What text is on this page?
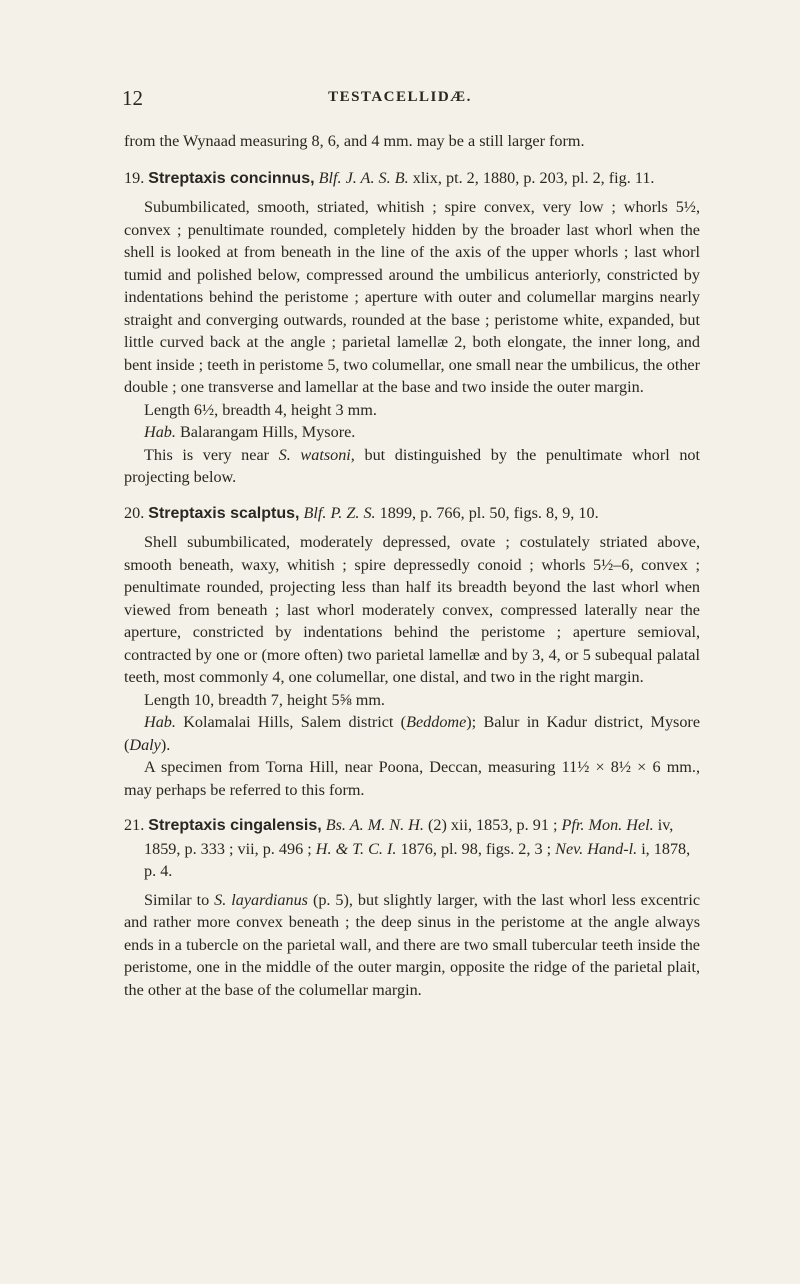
12	TESTACELLIDÆ.

from the Wynaad measuring 8, 6, and 4 mm. may be a still larger form.

19. Streptaxis concinnus, Blf. J. A. S. B. xlix, pt. 2, 1880, p. 203, pl. 2, fig. 11.

Subumbilicated, smooth, striated, whitish ; spire convex, very low ; whorls 5½, convex ; penultimate rounded, completely hidden by the broader last whorl when the shell is looked at from beneath in the line of the axis of the upper whorls ; last whorl tumid and polished below, compressed around the umbilicus anteriorly, constricted by indentations behind the peristome ; aperture with outer and columellar margins nearly straight and converging outwards, rounded at the base ; peristome white, expanded, but little curved back at the angle ; parietal lamellæ 2, both elongate, the inner long, and bent inside ; teeth in peristome 5, two columellar, one small near the umbilicus, the other double ; one transverse and lamellar at the base and two inside the outer margin.

Length 6½, breadth 4, height 3 mm.

Hab. Balarangam Hills, Mysore.

This is very near S. watsoni, but distinguished by the penultimate whorl not projecting below.

20. Streptaxis scalptus, Blf. P. Z. S. 1899, p. 766, pl. 50, figs. 8, 9, 10.

Shell subumbilicated, moderately depressed, ovate ; costulately striated above, smooth beneath, waxy, whitish ; spire depressedly conoid ; whorls 5½–6, convex ; penultimate rounded, projecting less than half its breadth beyond the last whorl when viewed from beneath ; last whorl moderately convex, compressed laterally near the aperture, constricted by indentations behind the peristome ; aperture semioval, contracted by one or (more often) two parietal lamellæ and by 3, 4, or 5 subequal palatal teeth, most commonly 4, one columellar, one distal, and two in the right margin.

Length 10, breadth 7, height 5⅝ mm.

Hab. Kolamalai Hills, Salem district (Beddome); Balur in Kadur district, Mysore (Daly).

A specimen from Torna Hill, near Poona, Deccan, measuring 11½ × 8½ × 6 mm., may perhaps be referred to this form.

21. Streptaxis cingalensis, Bs. A. M. N. H. (2) xii, 1853, p. 91 ; Pfr. Mon. Hel. iv, 1859, p. 333 ; vii, p. 496 ; H. & T. C. I. 1876, pl. 98, figs. 2, 3 ; Nev. Hand-l. i, 1878, p. 4.

Similar to S. layardianus (p. 5), but slightly larger, with the last whorl less excentric and rather more convex beneath ; the deep sinus in the peristome at the angle always ends in a tubercle on the parietal wall, and there are two small tubercular teeth inside the peristome, one in the middle of the outer margin, opposite the ridge of the parietal plait, the other at the base of the columellar margin.
